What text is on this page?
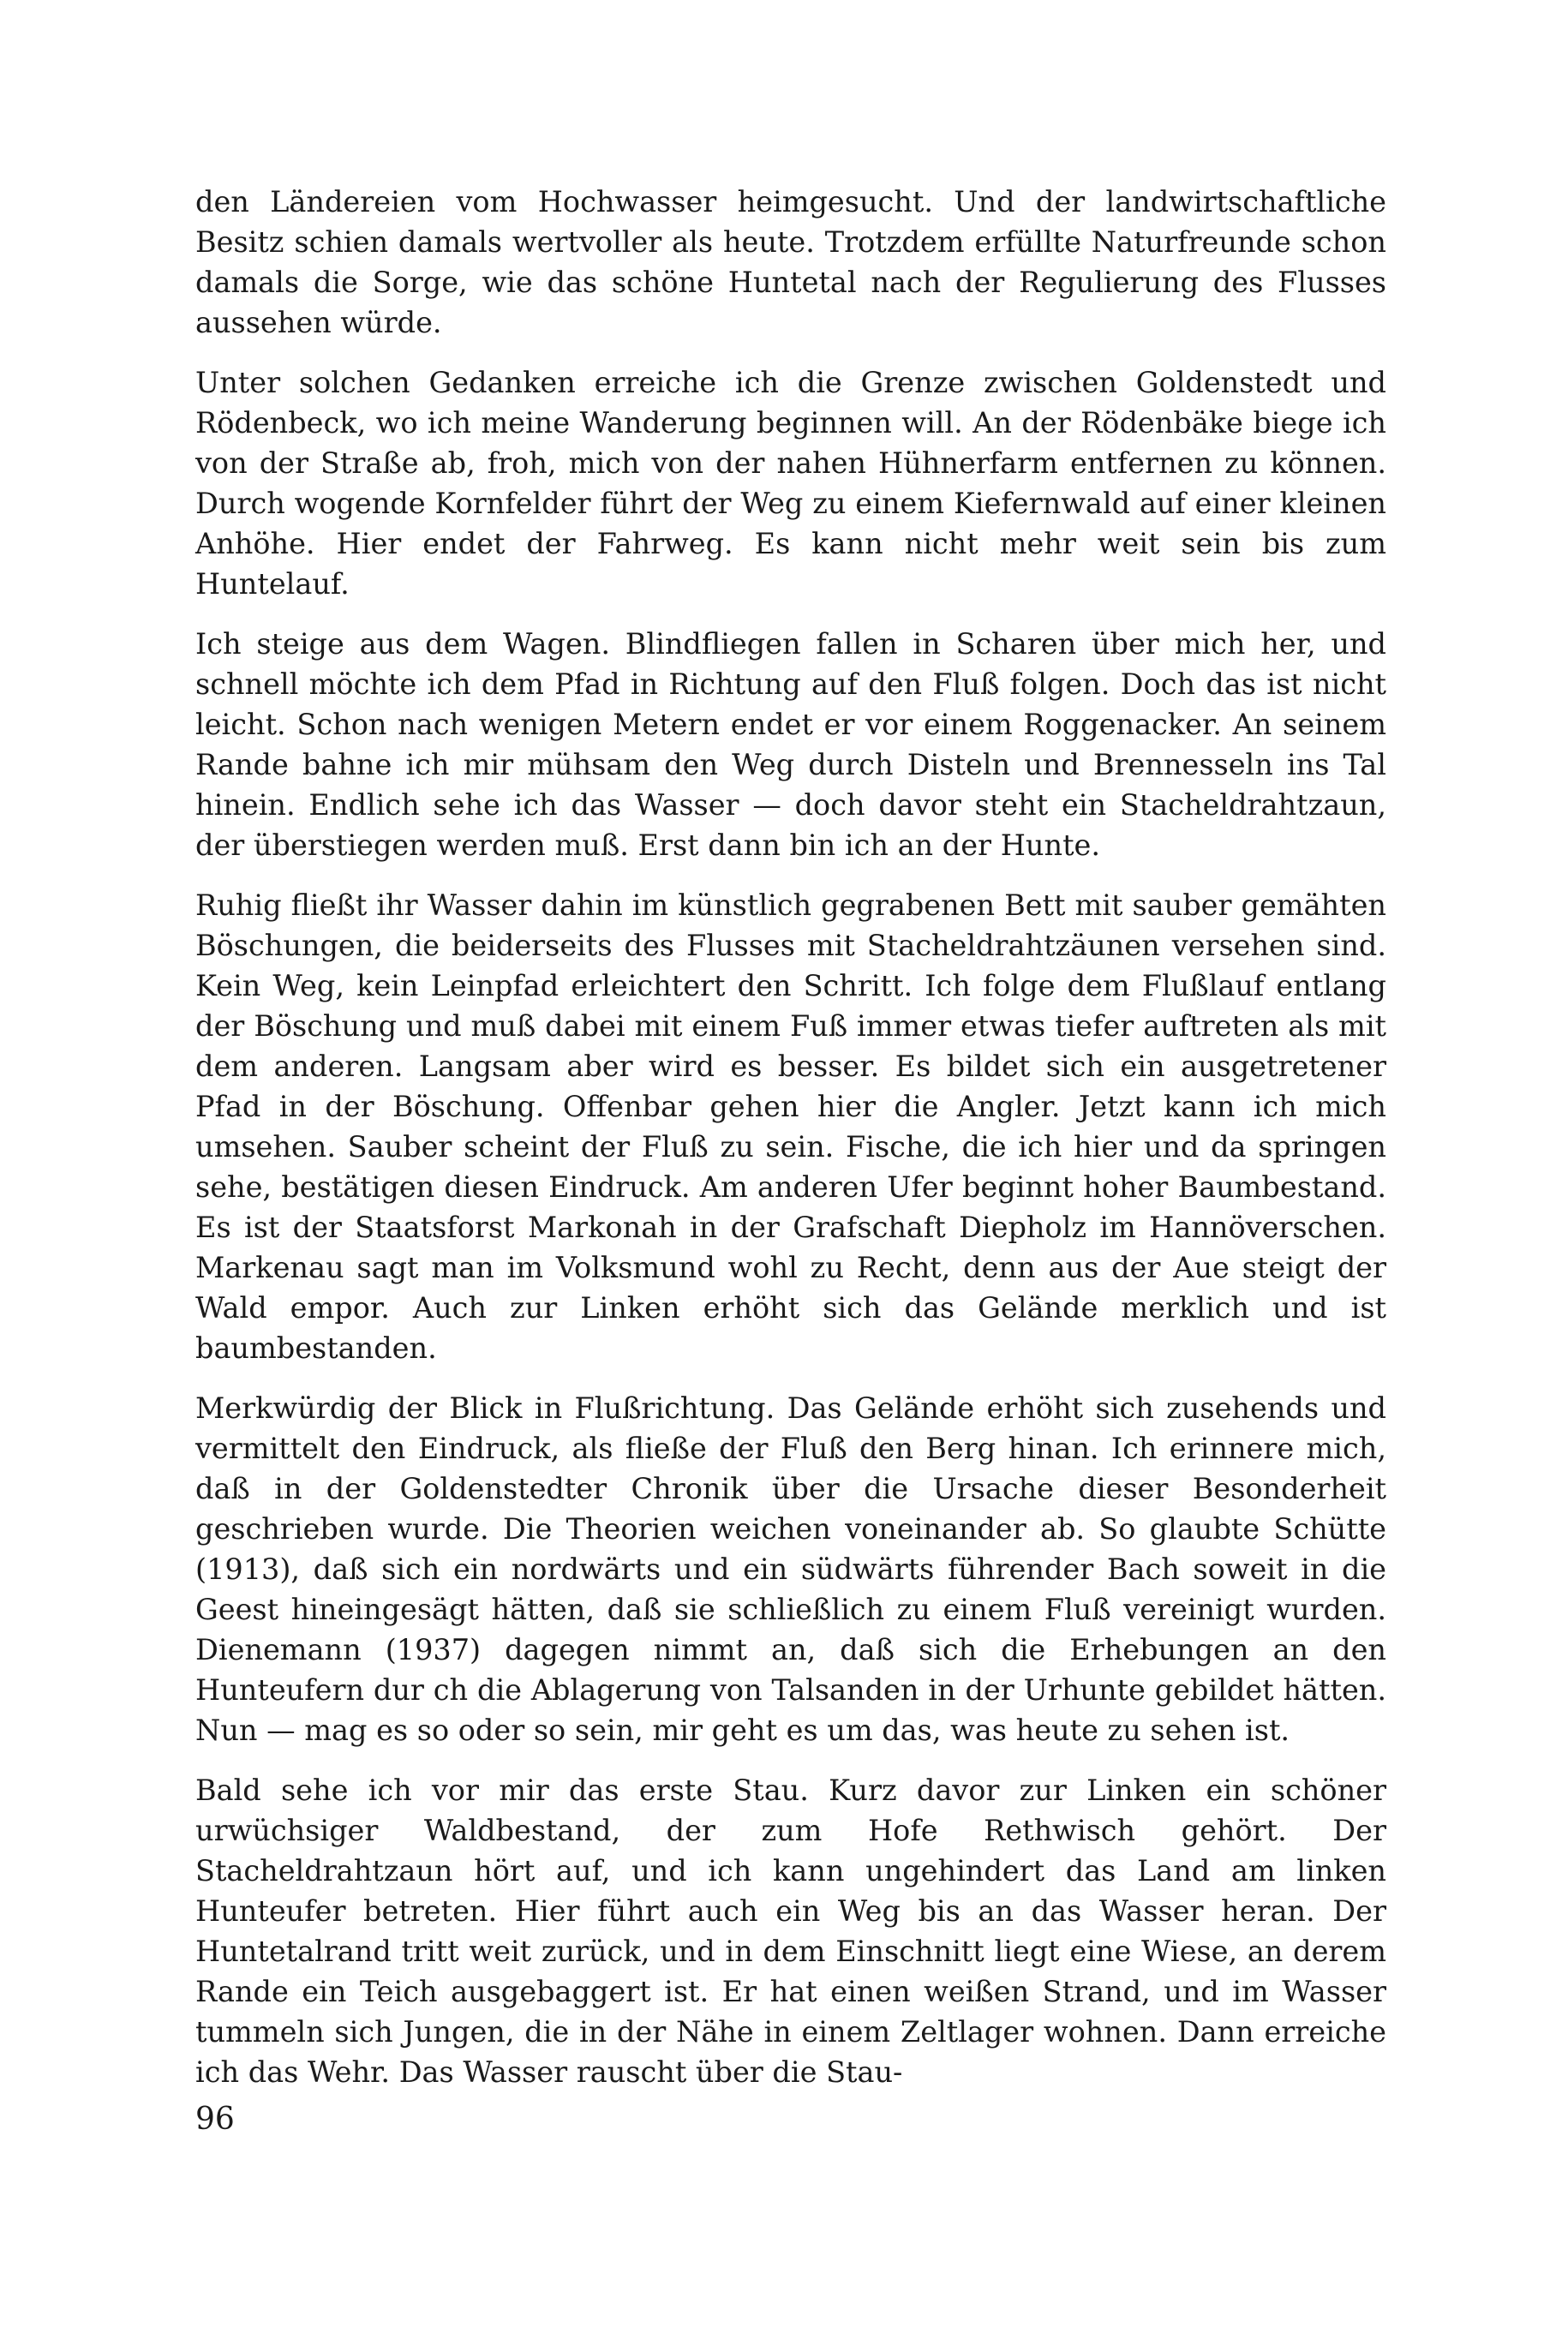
den Ländereien vom Hochwasser heimgesucht. Und der landwirtschaftliche Besitz schien damals wertvoller als heute. Trotzdem erfüllte Naturfreunde schon damals die Sorge, wie das schöne Huntetal nach der Regulierung des Flusses aussehen würde.

Unter solchen Gedanken erreiche ich die Grenze zwischen Goldenstedt und Rödenbeck, wo ich meine Wanderung beginnen will. An der Rödenbäke biege ich von der Straße ab, froh, mich von der nahen Hühnerfarm entfernen zu können. Durch wogende Kornfelder führt der Weg zu einem Kiefernwald auf einer kleinen Anhöhe. Hier endet der Fahrweg. Es kann nicht mehr weit sein bis zum Huntelauf.

Ich steige aus dem Wagen. Blindfliegen fallen in Scharen über mich her, und schnell möchte ich dem Pfad in Richtung auf den Fluß folgen. Doch das ist nicht leicht. Schon nach wenigen Metern endet er vor einem Roggenacker. An seinem Rande bahne ich mir mühsam den Weg durch Disteln und Brennesseln ins Tal hinein. Endlich sehe ich das Wasser — doch davor steht ein Stacheldrahtzaun, der überstiegen werden muß. Erst dann bin ich an der Hunte.

Ruhig fließt ihr Wasser dahin im künstlich gegrabenen Bett mit sauber gemähten Böschungen, die beiderseits des Flusses mit Stacheldrahtzäunen versehen sind. Kein Weg, kein Leinpfad erleichtert den Schritt. Ich folge dem Flußlauf entlang der Böschung und muß dabei mit einem Fuß immer etwas tiefer auftreten als mit dem anderen. Langsam aber wird es besser. Es bildet sich ein ausgetretener Pfad in der Böschung. Offenbar gehen hier die Angler. Jetzt kann ich mich umsehen. Sauber scheint der Fluß zu sein. Fische, die ich hier und da springen sehe, bestätigen diesen Eindruck. Am anderen Ufer beginnt hoher Baumbestand. Es ist der Staatsforst Markonah in der Grafschaft Diepholz im Hannöverschen. Markenau sagt man im Volksmund wohl zu Recht, denn aus der Aue steigt der Wald empor. Auch zur Linken erhöht sich das Gelände merklich und ist baumbestanden.

Merkwürdig der Blick in Flußrichtung. Das Gelände erhöht sich zusehends und vermittelt den Eindruck, als fließe der Fluß den Berg hinan. Ich erinnere mich, daß in der Goldenstedter Chronik über die Ursache dieser Besonderheit geschrieben wurde. Die Theorien weichen voneinander ab. So glaubte Schütte (1913), daß sich ein nordwärts und ein südwärts führender Bach soweit in die Geest hineingesägt hätten, daß sie schließlich zu einem Fluß vereinigt wurden. Dienemann (1937) dagegen nimmt an, daß sich die Erhebungen an den Hunteufern dur ch die Ablagerung von Talsanden in der Urhunte gebildet hätten. Nun — mag es so oder so sein, mir geht es um das, was heute zu sehen ist.

Bald sehe ich vor mir das erste Stau. Kurz davor zur Linken ein schöner urwüchsiger Waldbestand, der zum Hofe Rethwisch gehört. Der Stacheldrahtzaun hört auf, und ich kann ungehindert das Land am linken Hunteufer betreten. Hier führt auch ein Weg bis an das Wasser heran. Der Huntetalrand tritt weit zurück, und in dem Einschnitt liegt eine Wiese, an derem Rande ein Teich ausgebaggert ist. Er hat einen weißen Strand, und im Wasser tummeln sich Jungen, die in der Nähe in einem Zeltlager wohnen. Dann erreiche ich das Wehr. Das Wasser rauscht über die Stau-

96
